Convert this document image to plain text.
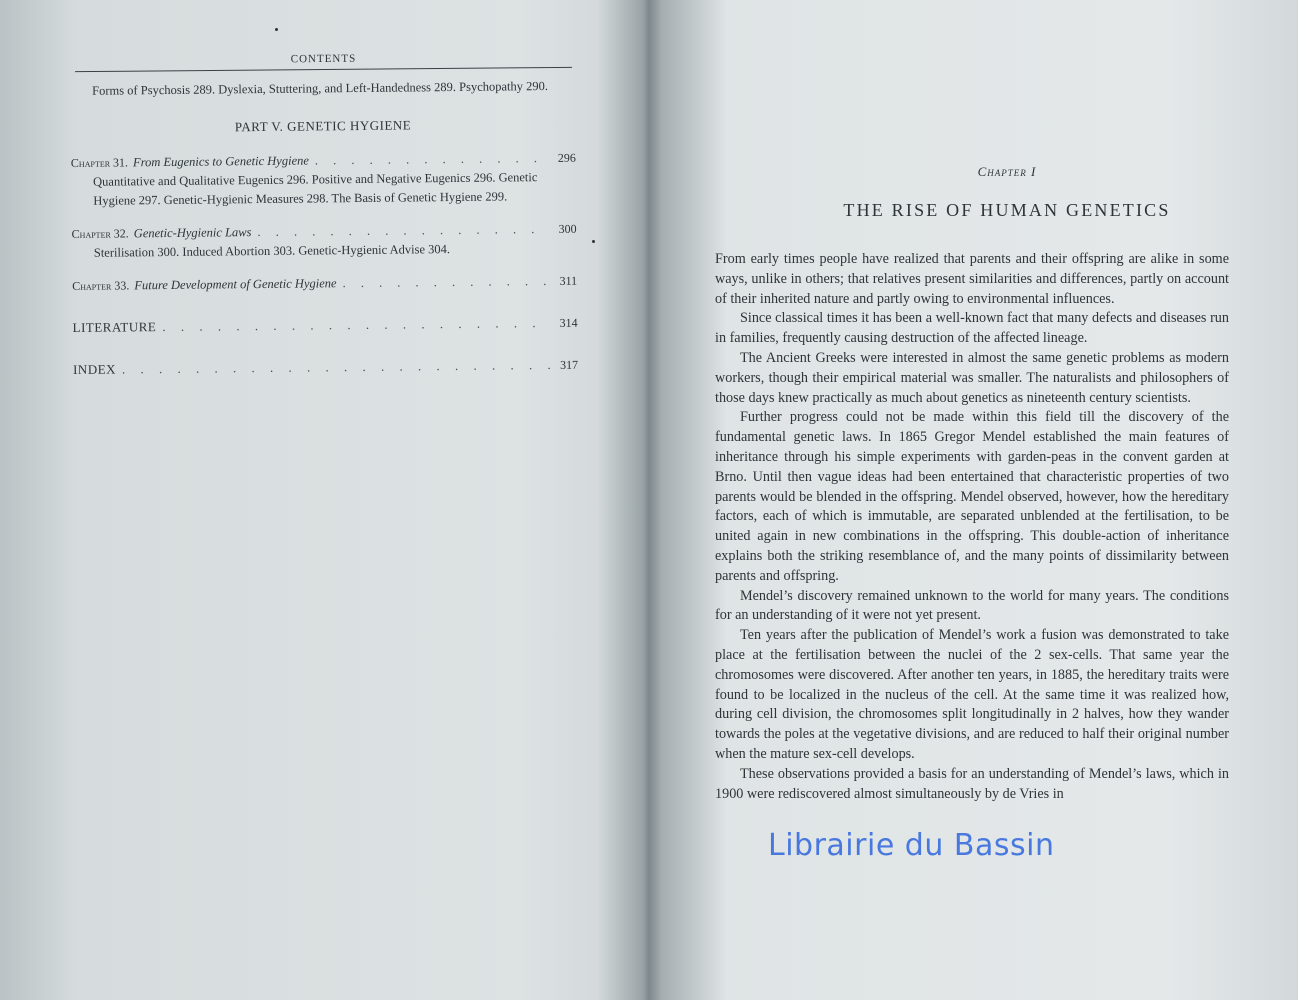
CONTENTS

Forms of Psychosis 289. Dyslexia, Stuttering, and Left-Handedness 289. Psychopathy 290.

PART V. GENETIC HYGIENE
Chapter 31. From Eugenics to Genetic Hygiene . . .	296
Quantitative and Qualitative Eugenics 296. Positive and Negative Eugenics 296. Genetic Hygiene 297. Genetic-Hygienic Measures 298. The Basis of Genetic Hygiene 299.
Chapter 32. Genetic-Hygienic Laws . . .	300
Sterilisation 300. Induced Abortion 303. Genetic-Hygienic Advise 304.
Chapter 33. Future Development of Genetic Hygiene . . .	311
LITERATURE . . .	314
INDEX . . .	317
Chapter I
THE RISE OF HUMAN GENETICS

From early times people have realized that parents and their offspring are alike in some ways, unlike in others; that relatives present similarities and differences, partly on account of their inherited nature and partly owing to environmental influences.

Since classical times it has been a well-known fact that many defects and diseases run in families, frequently causing destruction of the affected lineage.

The Ancient Greeks were interested in almost the same genetic problems as modern workers, though their empirical material was smaller. The naturalists and philosophers of those days knew practically as much about genetics as nineteenth century scientists.

Further progress could not be made within this field till the discovery of the fundamental genetic laws. In 1865 Gregor Mendel established the main features of inheritance through his simple experiments with garden-peas in the convent garden at Brno. Until then vague ideas had been entertained that characteristic properties of two parents would be blended in the offspring. Mendel observed, however, how the hereditary factors, each of which is immutable, are separated unblended at the fertilisation, to be united again in new combinations in the offspring. This double-action of inheritance explains both the striking resemblance of, and the many points of dissimilarity between parents and offspring.

Mendel’s discovery remained unknown to the world for many years. The conditions for an understanding of it were not yet present.

Ten years after the publication of Mendel’s work a fusion was demonstrated to take place at the fertilisation between the nuclei of the 2 sex-cells. That same year the chromosomes were discovered. After another ten years, in 1885, the hereditary traits were found to be localized in the nucleus of the cell. At the same time it was realized how, during cell division, the chromosomes split longitudinally in 2 halves, how they wander towards the poles at the vegetative divisions, and are reduced to half their original number when the mature sex-cell develops.

These observations provided a basis for an understanding of Mendel’s laws, which in 1900 were rediscovered almost simultaneously by de Vries in

Librairie du Bassin
